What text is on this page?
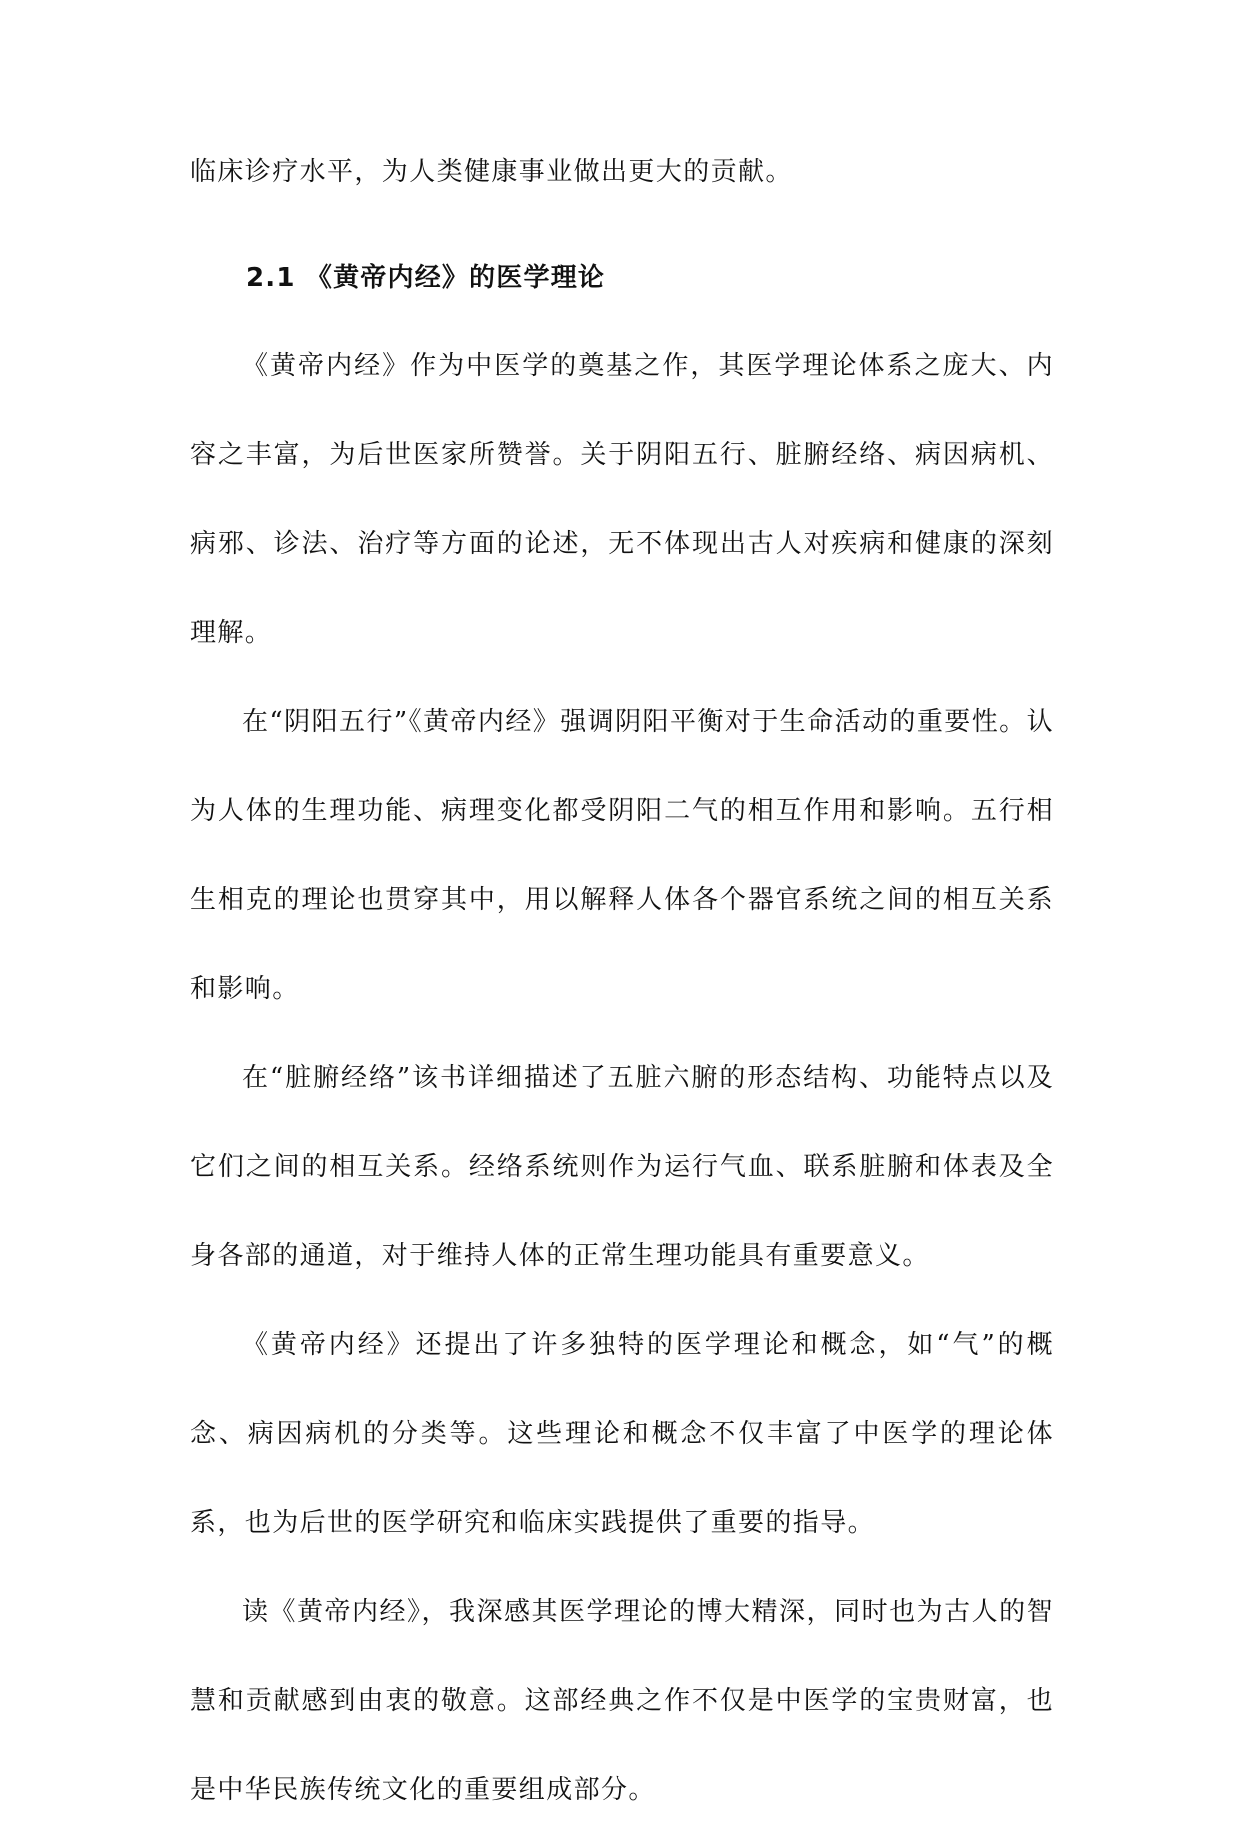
临床诊疗水平，为人类健康事业做出更大的贡献。

2.1 《黄帝内经》的医学理论

《黄帝内经》作为中医学的奠基之作，其医学理论体系之庞大、内容之丰富，为后世医家所赞誉。关于阴阳五行、脏腑经络、病因病机、病邪、诊法、治疗等方面的论述，无不体现出古人对疾病和健康的深刻理解。

在“阴阳五行”《黄帝内经》强调阴阳平衡对于生命活动的重要性。认为人体的生理功能、病理变化都受阴阳二气的相互作用和影响。五行相生相克的理论也贯穿其中，用以解释人体各个器官系统之间的相互关系和影响。

在“脏腑经络”该书详细描述了五脏六腑的形态结构、功能特点以及它们之间的相互关系。经络系统则作为运行气血、联系脏腑和体表及全身各部的通道，对于维持人体的正常生理功能具有重要意义。

《黄帝内经》还提出了许多独特的医学理论和概念，如“气”的概念、病因病机的分类等。这些理论和概念不仅丰富了中医学的理论体系，也为后世的医学研究和临床实践提供了重要的指导。

读《黄帝内经》，我深感其医学理论的博大精深，同时也为古人的智慧和贡献感到由衷的敬意。这部经典之作不仅是中医学的宝贵财富，也是中华民族传统文化的重要组成部分。
